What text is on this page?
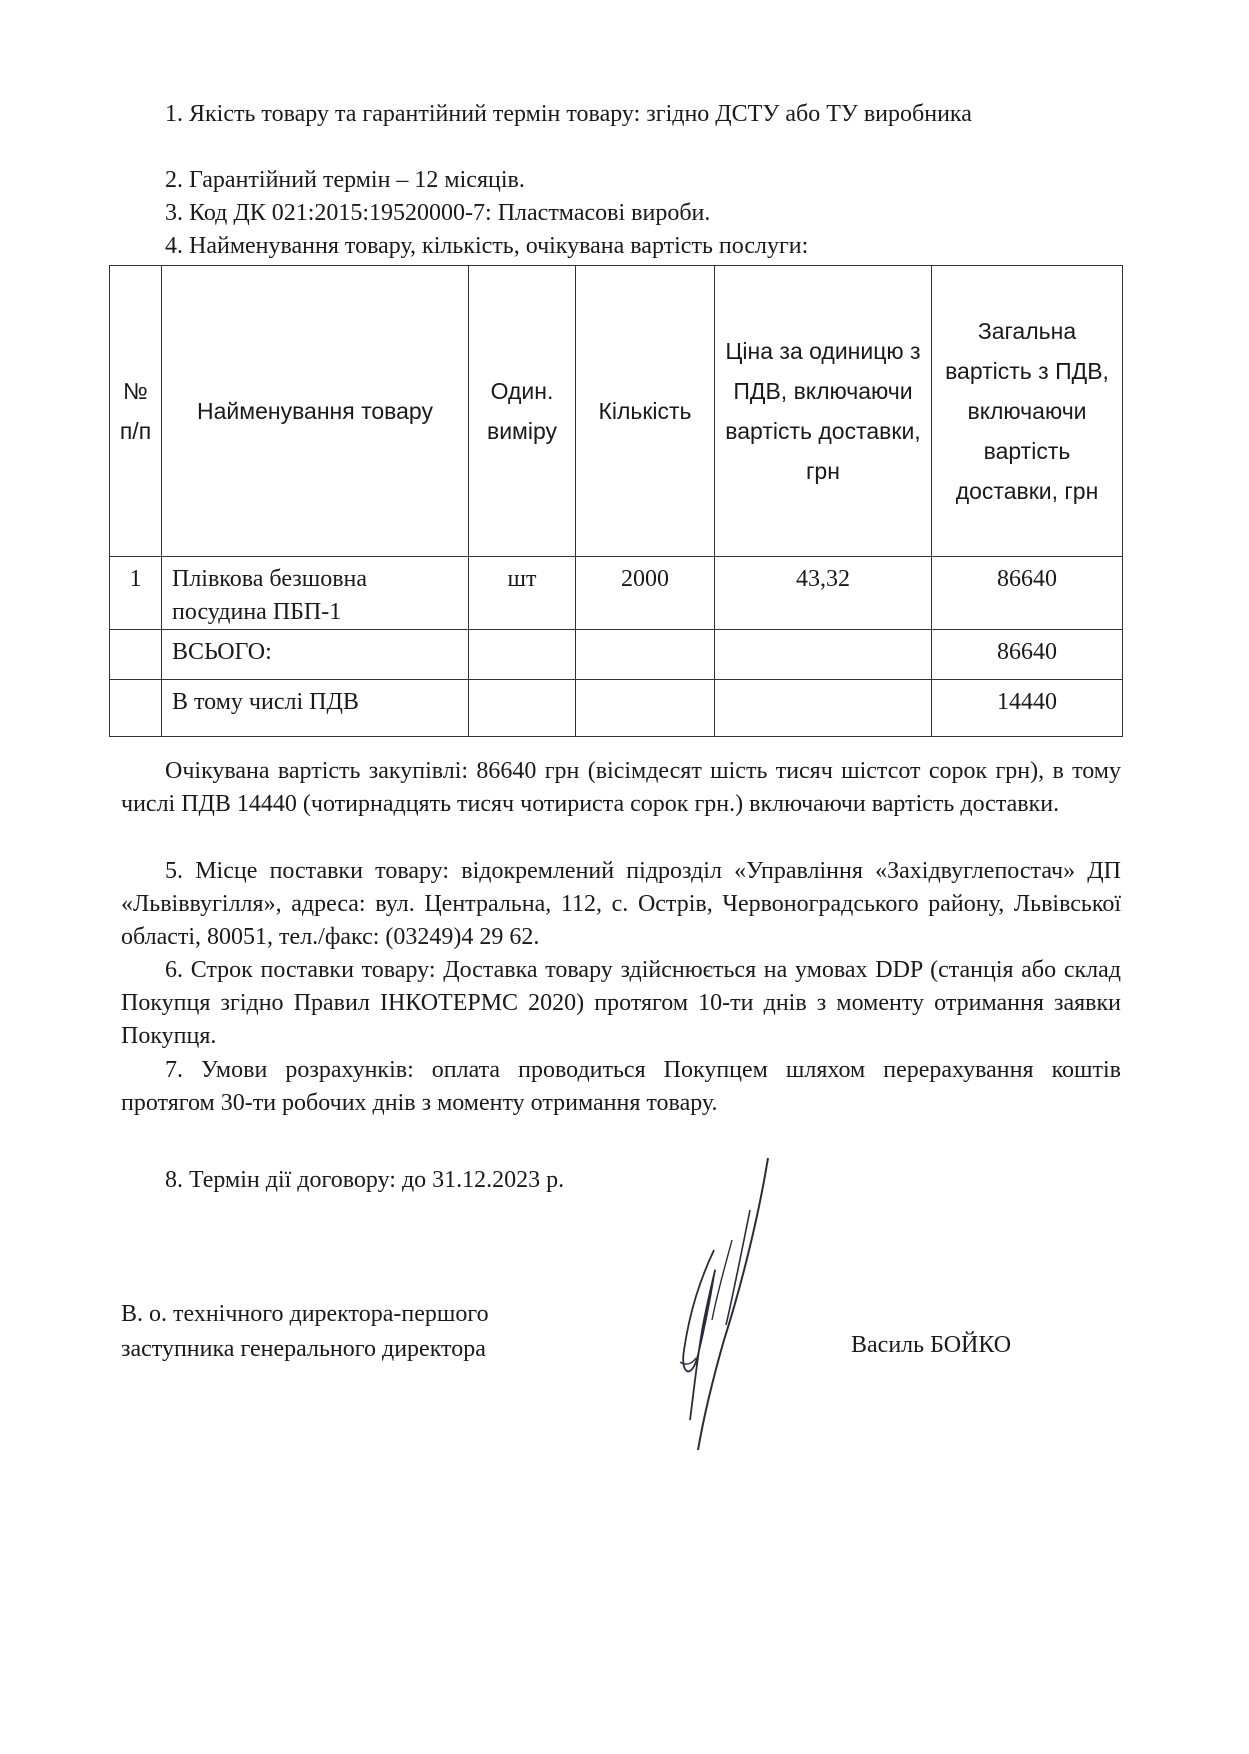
1. Якість товару та гарантійний термін товару: згідно ДСТУ або ТУ виробника

2. Гарантійний термін – 12 місяців.
3. Код ДК 021:2015:19520000-7: Пластмасові вироби.
4. Найменування товару, кількість, очікувана вартість послуги:
№ п/п	Найменування товару	Один. виміру	Кількість	Ціна за одиницю з ПДВ, включаючи вартість доставки, грн	Загальна вартість з ПДВ, включаючи вартість доставки, грн
1	Плівкова безшовна посудина ПБП-1	шт	2000	43,32	86640
	ВСЬОГО:				86640
	В тому числі ПДВ				14440

Очікувана вартість закупівлі: 86640 грн (вісімдесят шість тисяч шістсот сорок грн), в тому числі ПДВ 14440 (чотирнадцять тисяч чотириста сорок грн.) включаючи вартість доставки.

5. Місце поставки товару: відокремлений підрозділ «Управління «Західвуглепостач» ДП «Львіввугілля», адреса: вул. Центральна, 112, с. Острів, Червоноградського району, Львівської області, 80051, тел./факс: (03249)4 29 62.

6. Строк поставки товару: Доставка товару здійснюється на умовах DDP (станція або склад Покупця згідно Правил ІНКОТЕРМС 2020) протягом 10-ти днів з моменту отримання заявки Покупця.

7. Умови розрахунків: оплата проводиться Покупцем шляхом перерахування коштів протягом 30-ти робочих днів з моменту отримання товару.

8. Термін дії договору: до 31.12.2023 р.
В. о. технічного директора-першого
заступника генерального директора	Василь БОЙКО
